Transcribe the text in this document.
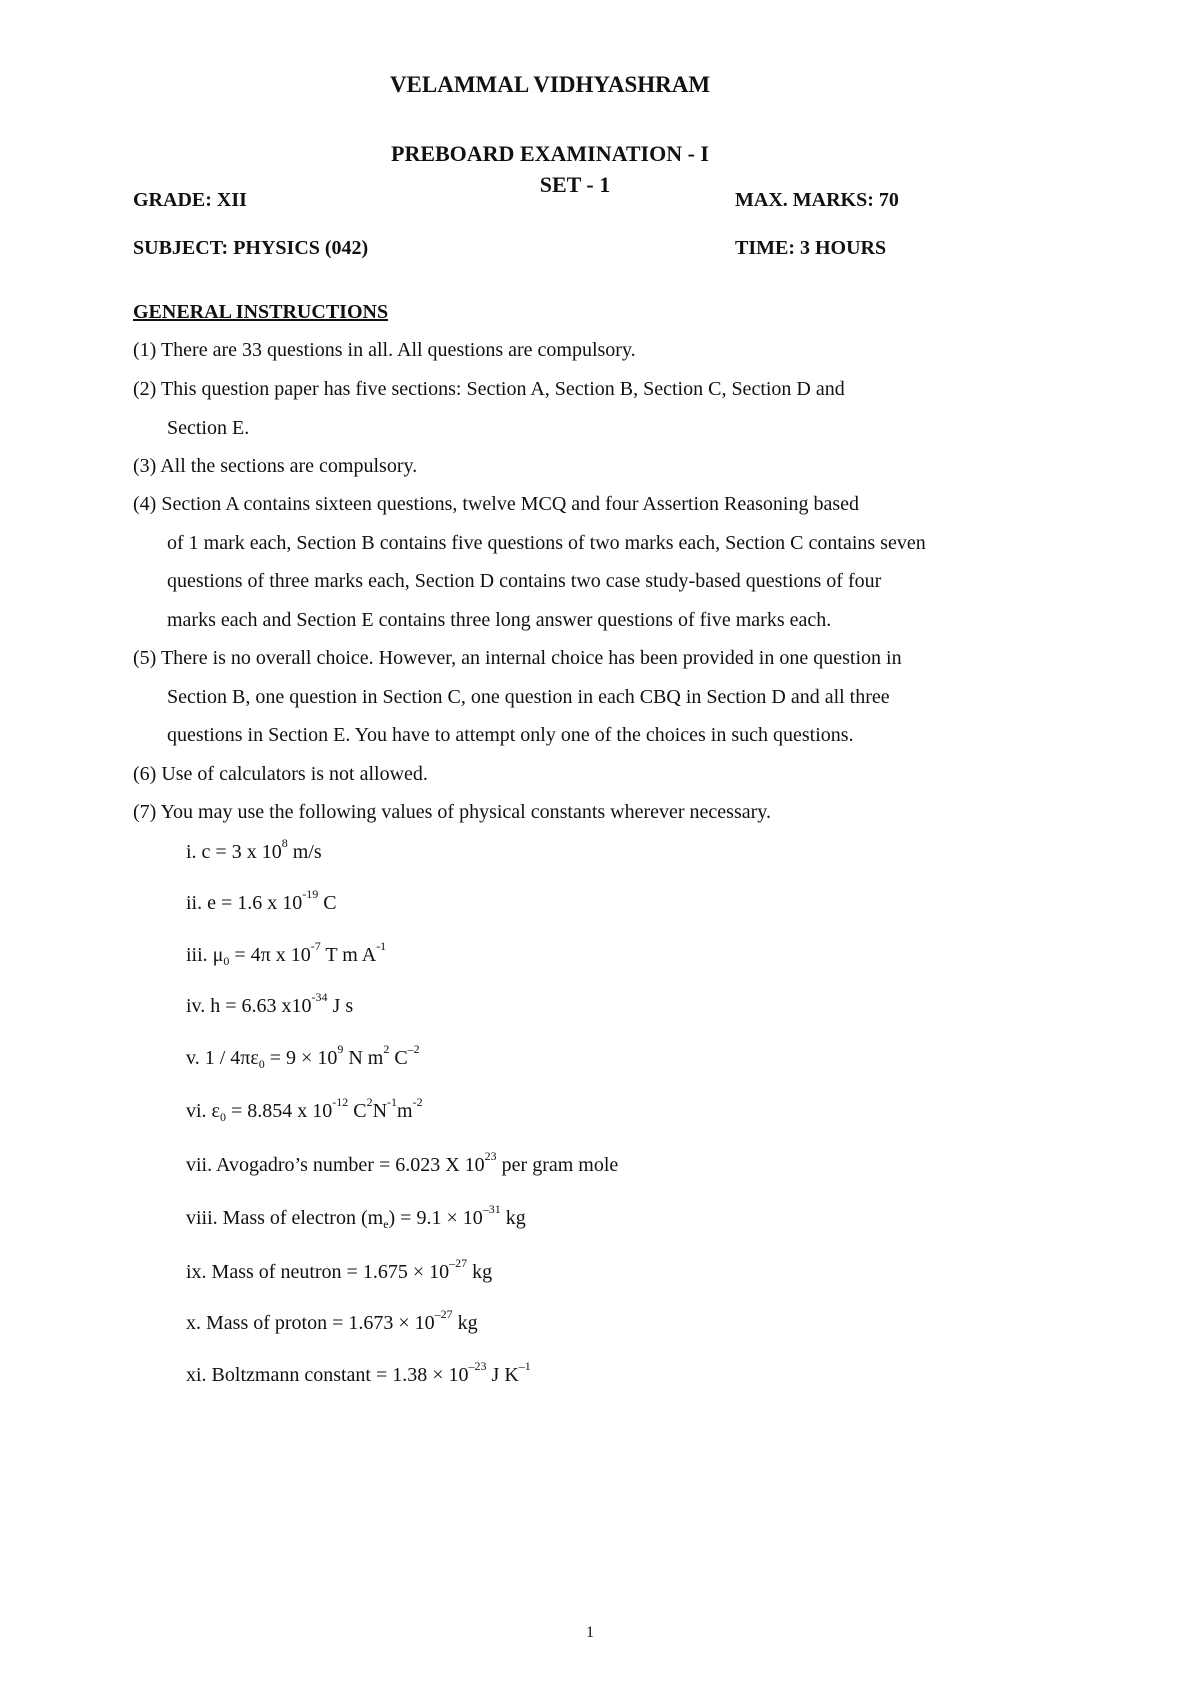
VELAMMAL VIDHYASHRAM
PREBOARD EXAMINATION - I
SET - 1
GRADE: XII	MAX. MARKS: 70
SUBJECT: PHYSICS (042)	TIME: 3 HOURS
GENERAL INSTRUCTIONS
(1) There are 33 questions in all. All questions are compulsory.
(2) This question paper has five sections: Section A, Section B, Section C, Section D and
Section E.
(3) All the sections are compulsory.
(4) Section A contains sixteen questions, twelve MCQ and four Assertion Reasoning based
of 1 mark each, Section B contains five questions of two marks each, Section C contains seven
questions of three marks each, Section D contains two case study-based questions of four
marks each and Section E contains three long answer questions of five marks each.
(5) There is no overall choice. However, an internal choice has been provided in one question in
Section B, one question in Section C, one question in each CBQ in Section D and all three
questions in Section E. You have to attempt only one of the choices in such questions.
(6) Use of calculators is not allowed.
(7) You may use the following values of physical constants wherever necessary.
i. c = 3 x $10^8$ m/s
ii. e = 1.6 x $10^{-19}$ C
iii. $\mu_0 = 4\pi$ x $10^{-7}$ T m $A^{-1}$
iv. h = 6.63 $x10^{-34}$ J s
v. $1 / 4\pi\varepsilon_0 = 9 \times 10^9$ N $m^2$ $C^{-2}$
vi. $\varepsilon_0 = 8.854$ x $10^{-12}$ $C^2N^{-1}m^{-2}$
vii. Avogadro’s number = 6.023 X $10^{23}$ per gram mole
viii. Mass of electron $(m_e) = 9.1 \times 10^{-31}$ kg
ix. Mass of neutron = $1.675 \times 10^{-27}$ kg
x. Mass of proton = $1.673 \times 10^{-27}$ kg
xi. Boltzmann constant = $1.38 \times 10^{-23}$ J $K^{-1}$
1
